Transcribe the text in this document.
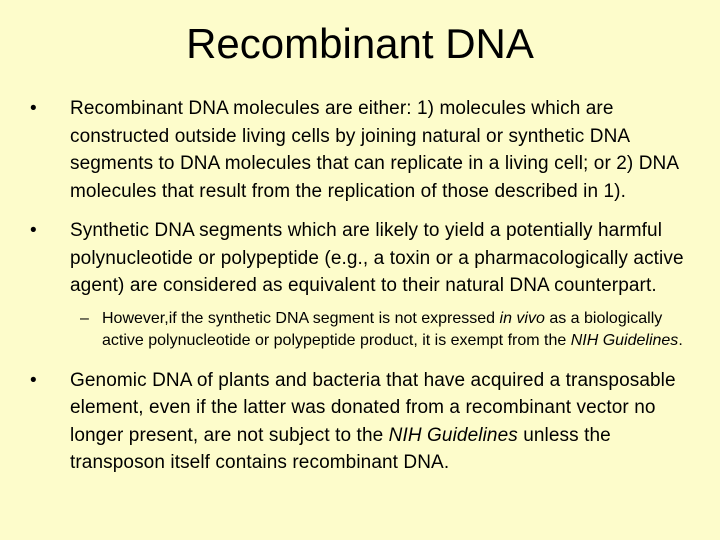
Recombinant DNA
• Recombinant DNA molecules are either: 1) molecules which are constructed outside living cells by joining natural or synthetic DNA segments to DNA molecules that can replicate in a living cell; or 2) DNA molecules that result from the replication of those described in 1).
• Synthetic DNA segments which are likely to yield a potentially harmful polynucleotide or polypeptide (e.g., a toxin or a pharmacologically active agent) are considered as equivalent to their natural DNA counterpart.
– However,if the synthetic DNA segment is not expressed in vivo as a biologically active polynucleotide or polypeptide product, it is exempt from the NIH Guidelines.
• Genomic DNA of plants and bacteria that have acquired a transposable element, even if the latter was donated from a recombinant vector no longer present, are not subject to the NIH Guidelines unless the transposon itself contains recombinant DNA.
